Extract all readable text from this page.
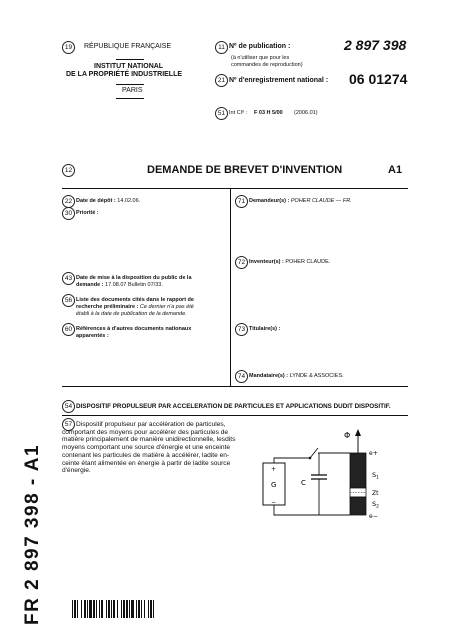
19	RÉPUBLIQUE FRANÇAISE
INSTITUT NATIONAL
DE LA PROPRIÉTÉ INDUSTRIELLE
PARIS
11 Nº de publication :	2 897 398
(à n'utiliser que pour les
commandes de reproduction)
21 Nº d'enregistrement national : 06 01274
51 Int Cl⁸ : F 03 H 5/00 (2006.01)
12	DEMANDE DE BREVET D'INVENTION	A1
22 Date de dépôt : 14.02.06.
30 Priorité :
43 Date de mise à la disposition du public de la
demande : 17.08.07 Bulletin 07/33.
56 Liste des documents cités dans le rapport de
recherche préliminaire : Ce dernier n'a pas été
établi à la date de publication de la demande.
60 Références à d'autres documents nationaux
apparentés :
71 Demandeur(s) : POHER CLAUDE — FR.
72 Inventeur(s) : POHER CLAUDE.
73 Titulaire(s) :
74 Mandataire(s) : LYNDE & ASSOCIES.
54 DISPOSITIF PROPULSEUR PAR ACCELERATION DE PARTICULES ET APPLICATIONS DUDIT DISPOSITIF.
57 Dispositif propulseur par accélération de particules,
comportant des moyens pour accélérer des particules de
matière principalement de manière unidirectionnelle, lesdits
moyens comportant une source d'énergie et une enceinte
contenant les particules de matière à accélérer, ladite en-
ceinte étant alimentée en énergie à partir de ladite source
d'énergie.
Φ
+
−
G	C
e+
$S_1$
Zt
$S_2$
e−
FR 2 897 398 - A1
